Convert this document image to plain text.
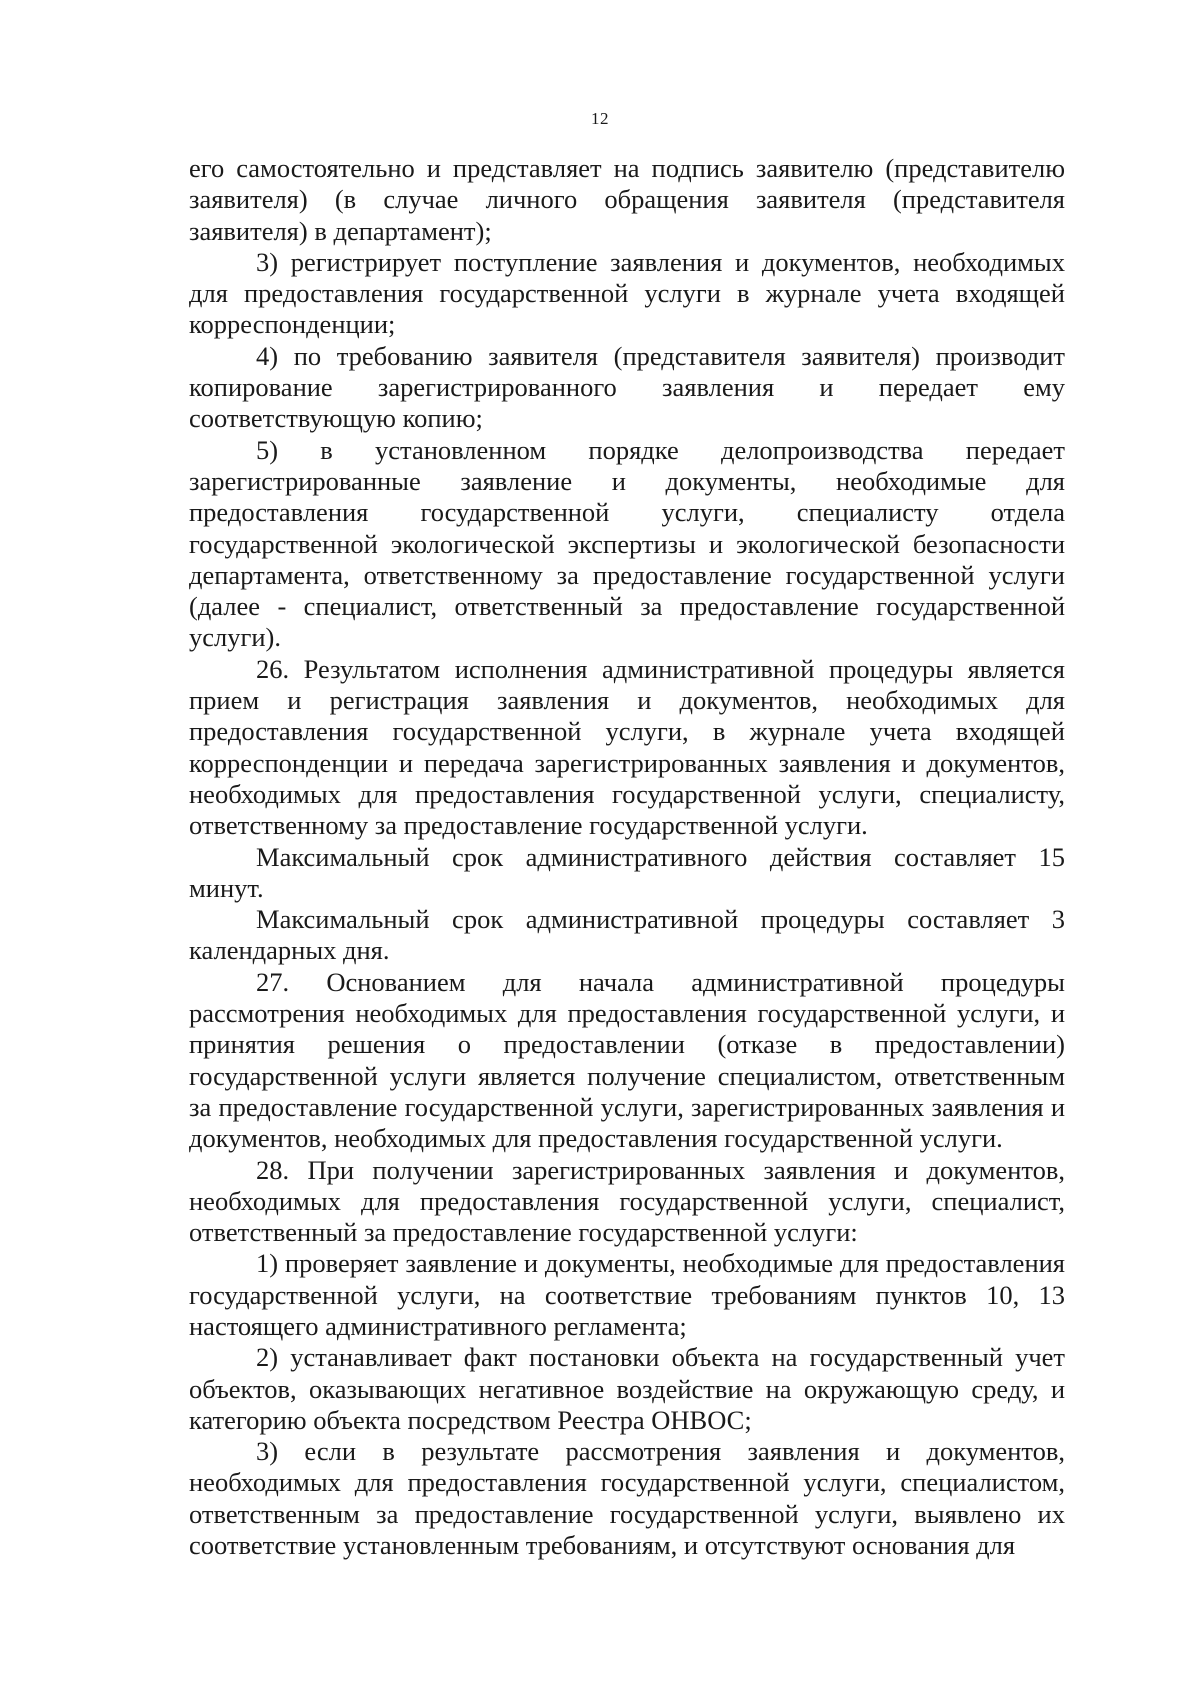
12

его самостоятельно и представляет на подпись заявителю (представителю заявителя) (в случае личного обращения заявителя (представителя заявителя) в департамент);

3) регистрирует поступление заявления и документов, необходимых для предоставления государственной услуги в журнале учета входящей корреспонденции;

4) по требованию заявителя (представителя заявителя) производит копирование зарегистрированного заявления и передает ему соответствующую копию;

5) в установленном порядке делопроизводства передает зарегистрированные заявление и документы, необходимые для предоставления государственной услуги, специалисту отдела государственной экологической экспертизы и экологической безопасности департамента, ответственному за предоставление государственной услуги (далее - специалист, ответственный за предоставление государственной услуги).

26. Результатом исполнения административной процедуры является прием и регистрация заявления и документов, необходимых для предоставления государственной услуги, в журнале учета входящей корреспонденции и передача зарегистрированных заявления и документов, необходимых для предоставления государственной услуги, специалисту, ответственному за предоставление государственной услуги.

Максимальный срок административного действия составляет 15 минут.

Максимальный срок административной процедуры составляет 3 календарных дня.

27. Основанием для начала административной процедуры рассмотрения необходимых для предоставления государственной услуги, и принятия решения о предоставлении (отказе в предоставлении) государственной услуги является получение специалистом, ответственным за предоставление государственной услуги, зарегистрированных заявления и документов, необходимых для предоставления государственной услуги.

28. При получении зарегистрированных заявления и документов, необходимых для предоставления государственной услуги, специалист, ответственный за предоставление государственной услуги:

1) проверяет заявление и документы, необходимые для предоставления государственной услуги, на соответствие требованиям пунктов 10, 13 настоящего административного регламента;

2) устанавливает факт постановки объекта на государственный учет объектов, оказывающих негативное воздействие на окружающую среду, и категорию объекта посредством Реестра ОНВОС;

3) если в результате рассмотрения заявления и документов, необходимых для предоставления государственной услуги, специалистом, ответственным за предоставление государственной услуги, выявлено их соответствие установленным требованиям, и отсутствуют основания для
